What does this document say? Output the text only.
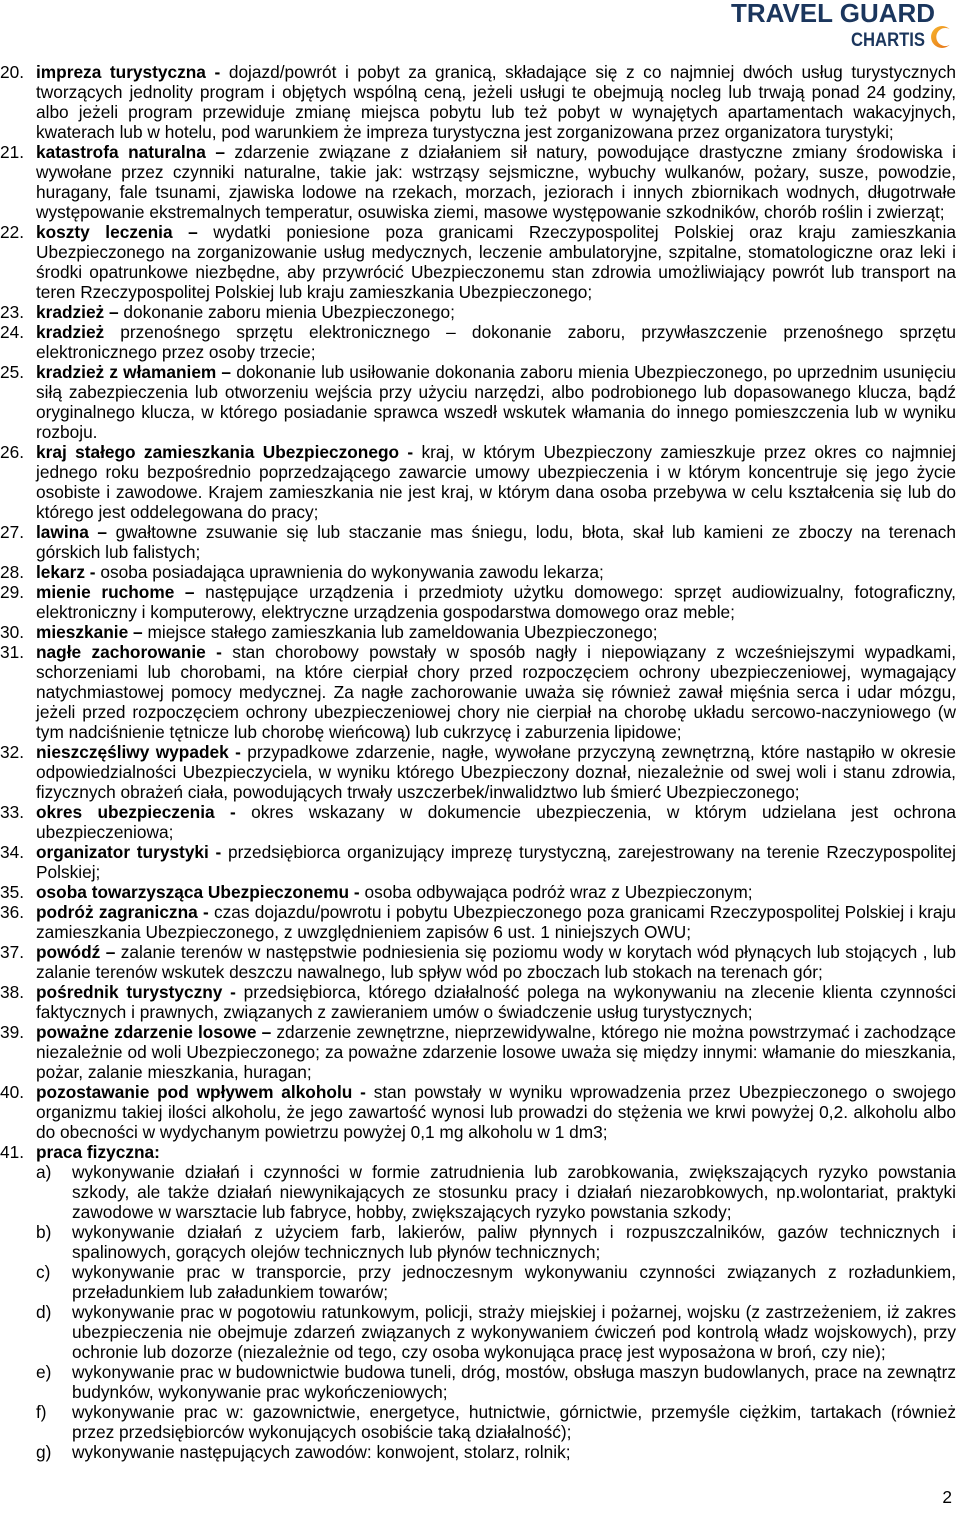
TRAVEL GUARD
CHARTIS
20. impreza turystyczna - dojazd/powrót i pobyt za granicą, składające się z co najmniej dwóch usług turystycznych tworzących jednolity program i objętych wspólną ceną, jeżeli usługi te obejmują nocleg lub trwają ponad 24 godziny, albo jeżeli program przewiduje zmianę miejsca pobytu lub też pobyt w wynajętych apartamentach wakacyjnych, kwaterach lub w hotelu, pod warunkiem że impreza turystyczna jest zorganizowana przez organizatora turystyki;
21. katastrofa naturalna – zdarzenie związane z działaniem sił natury, powodujące drastyczne zmiany środowiska i wywołane przez czynniki naturalne, takie jak: wstrząsy sejsmiczne, wybuchy wulkanów, pożary, susze, powodzie, huragany, fale tsunami, zjawiska lodowe na rzekach, morzach, jeziorach i innych zbiornikach wodnych, długotrwałe występowanie ekstremalnych temperatur, osuwiska ziemi, masowe występowanie szkodników, chorób roślin i zwierząt;
22. koszty leczenia – wydatki poniesione poza granicami Rzeczypospolitej Polskiej oraz kraju zamieszkania Ubezpieczonego na zorganizowanie usług medycznych, leczenie ambulatoryjne, szpitalne, stomatologiczne oraz leki i środki opatrunkowe niezbędne, aby przywrócić Ubezpieczonemu stan zdrowia umożliwiający powrót lub transport na teren Rzeczypospolitej Polskiej lub kraju zamieszkania Ubezpieczonego;
23. kradzież – dokonanie zaboru mienia Ubezpieczonego;
24. kradzież przenośnego sprzętu elektronicznego – dokonanie zaboru, przywłaszczenie przenośnego sprzętu elektronicznego przez osoby trzecie;
25. kradzież z włamaniem – dokonanie lub usiłowanie dokonania zaboru mienia Ubezpieczonego, po uprzednim usunięciu siłą zabezpieczenia lub otworzeniu wejścia przy użyciu narzędzi, albo podrobionego lub dopasowanego klucza, bądź oryginalnego klucza, w którego posiadanie sprawca wszedł wskutek włamania do innego pomieszczenia lub w wyniku rozboju.
26. kraj stałego zamieszkania Ubezpieczonego - kraj, w którym Ubezpieczony zamieszkuje przez okres co najmniej jednego roku bezpośrednio poprzedzającego zawarcie umowy ubezpieczenia i w którym koncentruje się jego życie osobiste i zawodowe. Krajem zamieszkania nie jest kraj, w którym dana osoba przebywa w celu kształcenia się lub do którego jest oddelegowana do pracy;
27. lawina – gwałtowne zsuwanie się lub staczanie mas śniegu, lodu, błota, skał lub kamieni ze zboczy na terenach górskich lub falistych;
28. lekarz - osoba posiadająca uprawnienia do wykonywania zawodu lekarza;
29. mienie ruchome – następujące urządzenia i przedmioty użytku domowego: sprzęt audiowizualny, fotograficzny, elektroniczny i komputerowy, elektryczne urządzenia gospodarstwa domowego oraz meble;
30. mieszkanie – miejsce stałego zamieszkania lub zameldowania Ubezpieczonego;
31. nagłe zachorowanie - stan chorobowy powstały w sposób nagły i niepowiązany z wcześniejszymi wypadkami, schorzeniami lub chorobami, na które cierpiał chory przed rozpoczęciem ochrony ubezpieczeniowej, wymagający natychmiastowej pomocy medycznej. Za nagłe zachorowanie uważa się również zawał mięśnia serca i udar mózgu, jeżeli przed rozpoczęciem ochrony ubezpieczeniowej chory nie cierpiał na chorobę układu sercowo-naczyniowego (w tym nadciśnienie tętnicze lub chorobę wieńcową) lub cukrzycę i zaburzenia lipidowe;
32. nieszczęśliwy wypadek - przypadkowe zdarzenie, nagłe, wywołane przyczyną zewnętrzną, które nastąpiło w okresie odpowiedzialności Ubezpieczyciela, w wyniku którego Ubezpieczony doznał, niezależnie od swej woli i stanu zdrowia, fizycznych obrażeń ciała, powodujących trwały uszczerbek/inwalidztwo lub śmierć Ubezpieczonego;
33. okres ubezpieczenia - okres wskazany w dokumencie ubezpieczenia, w którym udzielana jest ochrona ubezpieczeniowa;
34. organizator turystyki - przedsiębiorca organizujący imprezę turystyczną, zarejestrowany na terenie Rzeczypospolitej Polskiej;
35. osoba towarzysząca Ubezpieczonemu - osoba odbywająca podróż wraz z Ubezpieczonym;
36. podróż zagraniczna - czas dojazdu/powrotu i pobytu Ubezpieczonego poza granicami Rzeczypospolitej Polskiej i kraju zamieszkania Ubezpieczonego, z uwzględnieniem zapisów 6 ust. 1 niniejszych OWU;
37. powódź – zalanie terenów w następstwie podniesienia się poziomu wody w korytach wód płynących lub stojących , lub zalanie terenów wskutek deszczu nawalnego, lub spływ wód po zboczach lub stokach na terenach gór;
38. pośrednik turystyczny - przedsiębiorca, którego działalność polega na wykonywaniu na zlecenie klienta czynności faktycznych i prawnych, związanych z zawieraniem umów o świadczenie usług turystycznych;
39. poważne zdarzenie losowe – zdarzenie zewnętrzne, nieprzewidywalne, którego nie można powstrzymać i zachodzące niezależnie od woli Ubezpieczonego; za poważne zdarzenie losowe uważa się między innymi: włamanie do mieszkania, pożar, zalanie mieszkania, huragan;
40. pozostawanie pod wpływem alkoholu - stan powstały w wyniku wprowadzenia przez Ubezpieczonego o swojego organizmu takiej ilości alkoholu, że jego zawartość wynosi lub prowadzi do stężenia we krwi powyżej 0,2. alkoholu albo do obecności w wydychanym powietrzu powyżej 0,1 mg alkoholu w 1 dm3;
41. praca fizyczna:
a) wykonywanie działań i czynności w formie zatrudnienia lub zarobkowania, zwiększających ryzyko powstania szkody, ale także działań niewynikających ze stosunku pracy i działań niezarobkowych, np.wolontariat, praktyki zawodowe w warsztacie lub fabryce, hobby, zwiększających ryzyko powstania szkody;
b) wykonywanie działań z użyciem farb, lakierów, paliw płynnych i rozpuszczalników, gazów technicznych i spalinowych, gorących olejów technicznych lub płynów technicznych;
c) wykonywanie prac w transporcie, przy jednoczesnym wykonywaniu czynności związanych z rozładunkiem, przeładunkiem lub załadunkiem towarów;
d) wykonywanie prac w pogotowiu ratunkowym, policji, straży miejskiej i pożarnej, wojsku (z zastrzeżeniem, iż zakres ubezpieczenia nie obejmuje zdarzeń związanych z wykonywaniem ćwiczeń pod kontrolą władz wojskowych), przy ochronie lub dozorze (niezależnie od tego, czy osoba wykonująca pracę jest wyposażona w broń, czy nie);
e) wykonywanie prac w budownictwie budowa tuneli, dróg, mostów, obsługa maszyn budowlanych, prace na zewnątrz budynków, wykonywanie prac wykończeniowych;
f) wykonywanie prac w: gazownictwie, energetyce, hutnictwie, górnictwie, przemyśle ciężkim, tartakach (również przez przedsiębiorców wykonujących osobiście taką działalność);
g) wykonywanie następujących zawodów: konwojent, stolarz, rolnik;
2
